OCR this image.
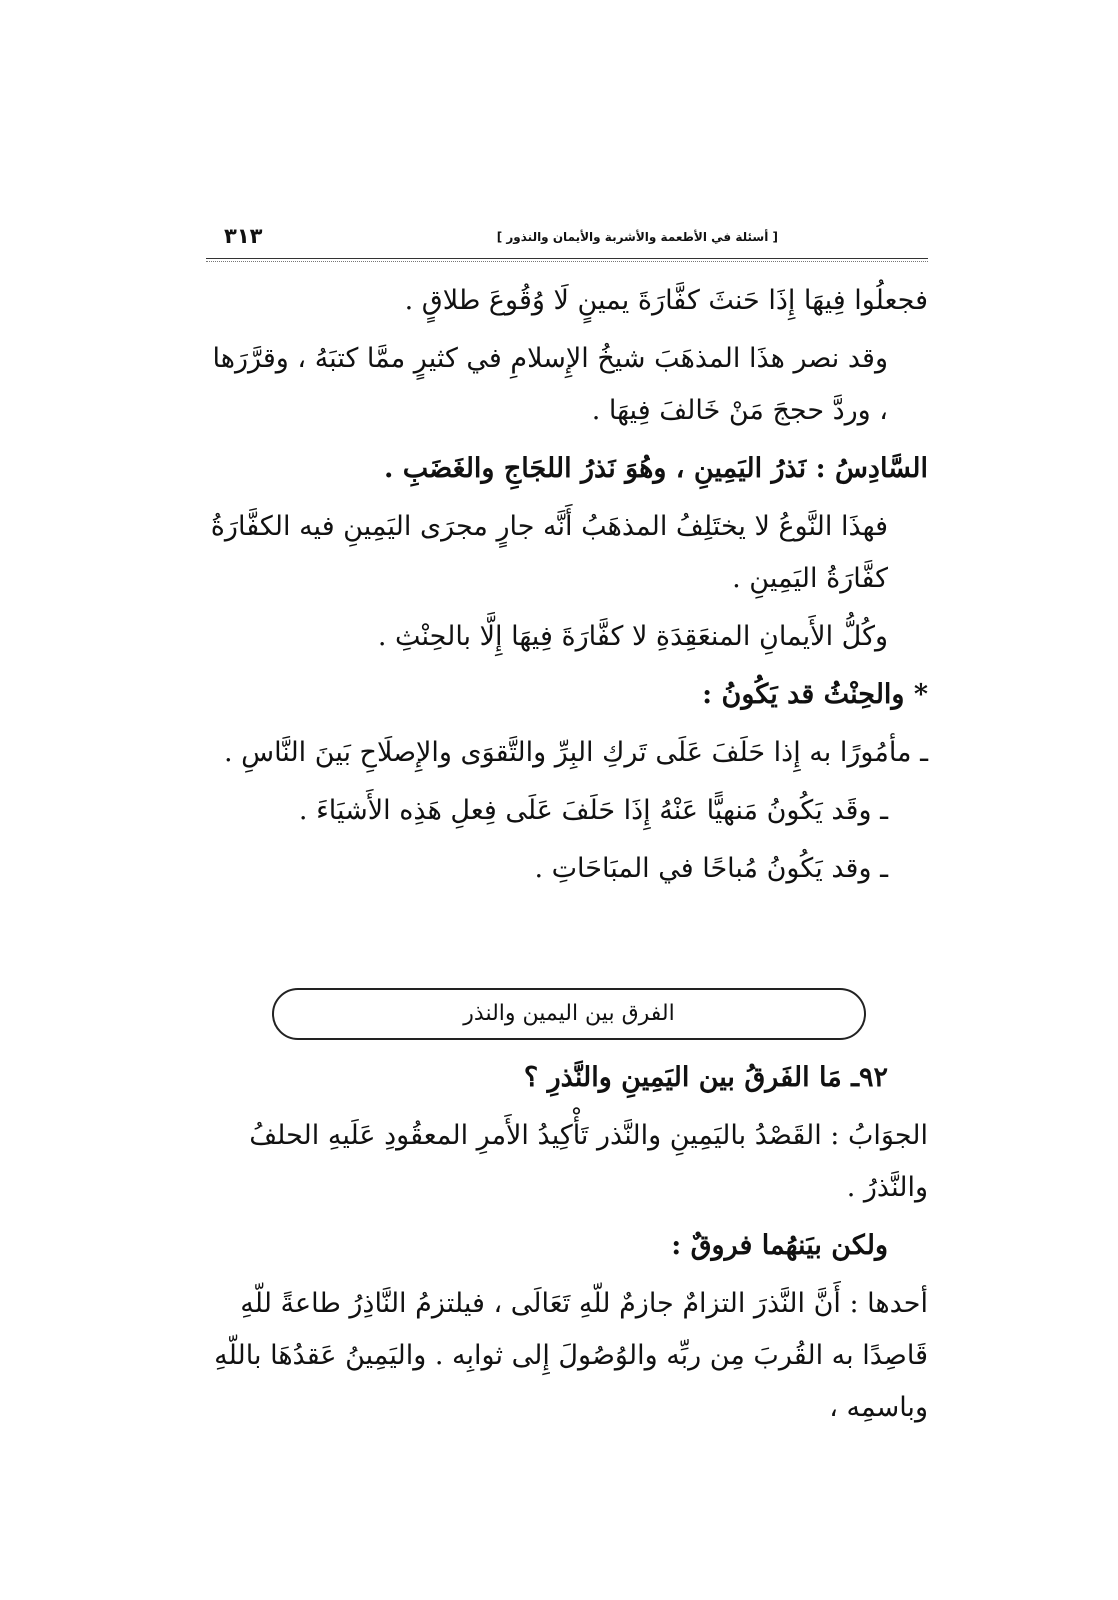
[ أسئلة في الأطعمة والأشربة والأيمان والنذور ]
٣١٣

فجعلُوا فِيهَا إِذَا حَنثَ كفَّارَةَ يمينٍ لَا وُقُوعَ طلاقٍ .

وقد نصر هذَا المذهَبَ شيخُ الإِسلامِ في كثيرٍ ممَّا كتبَهُ ، وقرَّرَها ، وردَّ حججَ مَنْ خَالفَ فِيهَا .

السَّادِسُ : نَذرُ اليَمِينِ ، وهُوَ نَذرُ اللجَاجِ والغَضَبِ .

فهذَا النَّوعُ لا يختَلِفُ المذهَبُ أَنَّه جارٍ مجرَى اليَمِينِ فيه الكفَّارَةُ كفَّارَةُ اليَمِينِ .

وكُلُّ الأَيمانِ المنعَقِدَةِ لا كفَّارَةَ فِيهَا إِلَّا بالحِنْثِ .

* والحِنْثُ قد يَكُونُ :

ـ مأمُورًا به إِذا حَلَفَ عَلَى تَركِ البِرِّ والتَّقوَى والإِصلَاحِ بَينَ النَّاسِ .

ـ وقَد يَكُونُ مَنهيًّا عَنْهُ إِذَا حَلَفَ عَلَى فِعلِ هَذِه الأَشيَاءَ .

ـ وقد يَكُونُ مُباحًا في المبَاحَاتِ .

الفرق بين اليمين والنذر

٩٢ـ مَا الفَرقُ بين اليَمِينِ والنَّذرِ ؟

الجوَابُ : القَصْدُ باليَمِينِ والنَّذر تَأْكِيدُ الأَمرِ المعقُودِ عَلَيهِ الحلفُ والنَّذرُ .

ولكن بيَنهُما فروقٌ :

أحدها : أَنَّ النَّذرَ التزامٌ جازمٌ للّهِ تَعَالَى ، فيلتزمُ النَّاذِرُ طاعةً للّهِ قَاصِدًا به القُربَ مِن ربِّه والوُصُولَ إِلى ثوابِه . واليَمِينُ عَقدُهَا باللّهِ وباسمِه ،
